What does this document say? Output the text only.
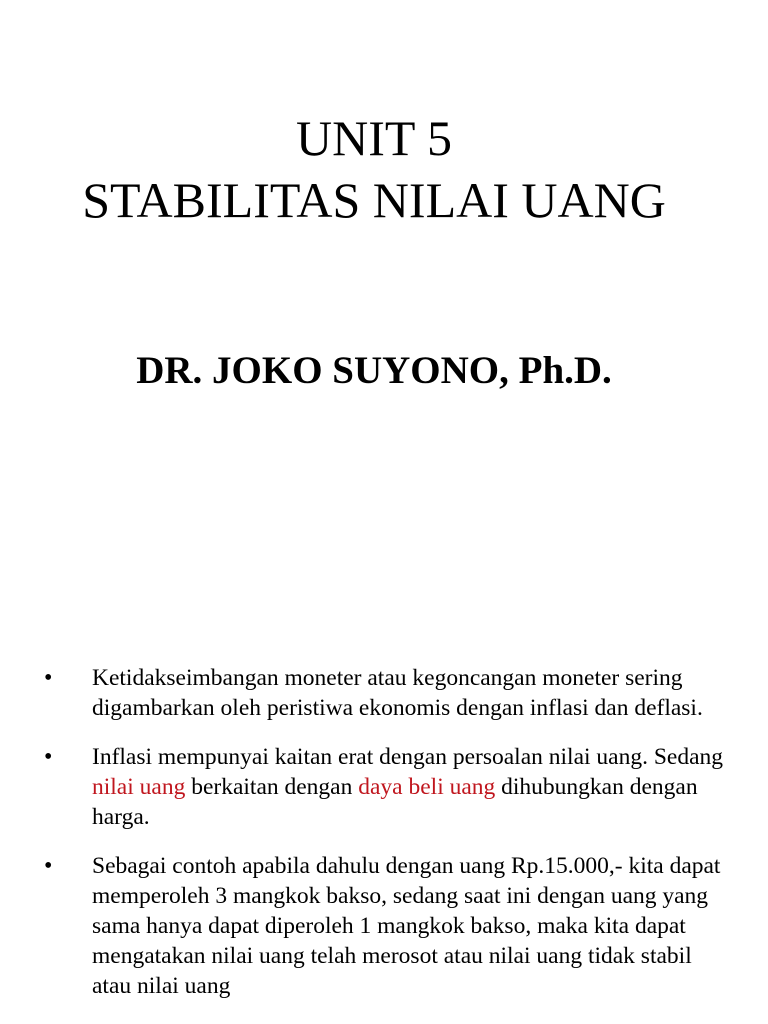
UNIT 5
STABILITAS NILAI UANG
DR. JOKO SUYONO, Ph.D.
• Ketidakseimbangan moneter atau kegoncangan moneter sering digambarkan oleh peristiwa ekonomis dengan inflasi dan deflasi.
• Inflasi mempunyai kaitan erat dengan persoalan nilai uang. Sedang nilai uang berkaitan dengan daya beli uang dihubungkan dengan harga.
• Sebagai contoh apabila dahulu dengan uang Rp.15.000,- kita dapat memperoleh 3 mangkok bakso, sedang saat ini dengan uang yang sama hanya dapat diperoleh 1 mangkok bakso, maka kita dapat mengatakan nilai uang telah merosot atau nilai uang tidak stabil atau nilai uang
